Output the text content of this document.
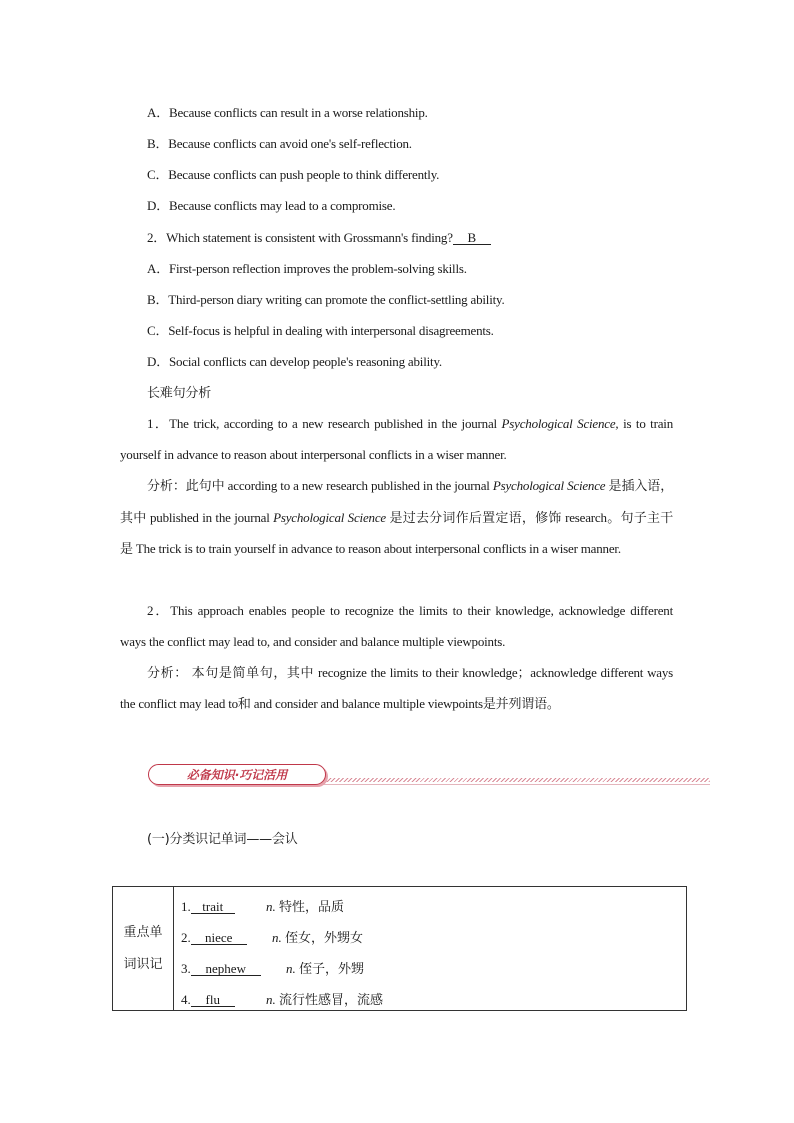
A．Because conflicts can result in a worse relationship.
B．Because conflicts can avoid one's self-reflection.
C．Because conflicts can push people to think differently.
D．Because conflicts may lead to a compromise.
2．Which statement is consistent with Grossmann's finding? B
A．First-person reflection improves the problem-solving skills.
B．Third-person diary writing can promote the conflict-settling ability.
C．Self-focus is helpful in dealing with interpersonal disagreements.
D．Social conflicts can develop people's reasoning ability.
长难句分析
1．The trick, according to a new research published in the journal Psychological Science, is to train yourself in advance to reason about interpersonal conflicts in a wiser manner.
分析：此句中 according to a new research published in the journal Psychological Science 是插入语，其中 published in the journal Psychological Science 是过去分词作后置定语，修饰 research。句子主干是 The trick is to train yourself in advance to reason about interpersonal conflicts in a wiser manner.
2．This approach enables people to recognize the limits to their knowledge, acknowledge different ways the conflict may lead to, and consider and balance multiple viewpoints.
分析： 本句是简单句，其中 recognize the limits to their knowledge；acknowledge different ways the conflict may lead to和 and consider and balance multiple viewpoints是并列谓语。
必备知识·巧记活用
(一)分类识记单词——会认
重点单
词识记
1. trait	n. 特性，品质
2. niece	n. 侄女，外甥女
3. nephew	n. 侄子，外甥
4. flu	n. 流行性感冒，流感
